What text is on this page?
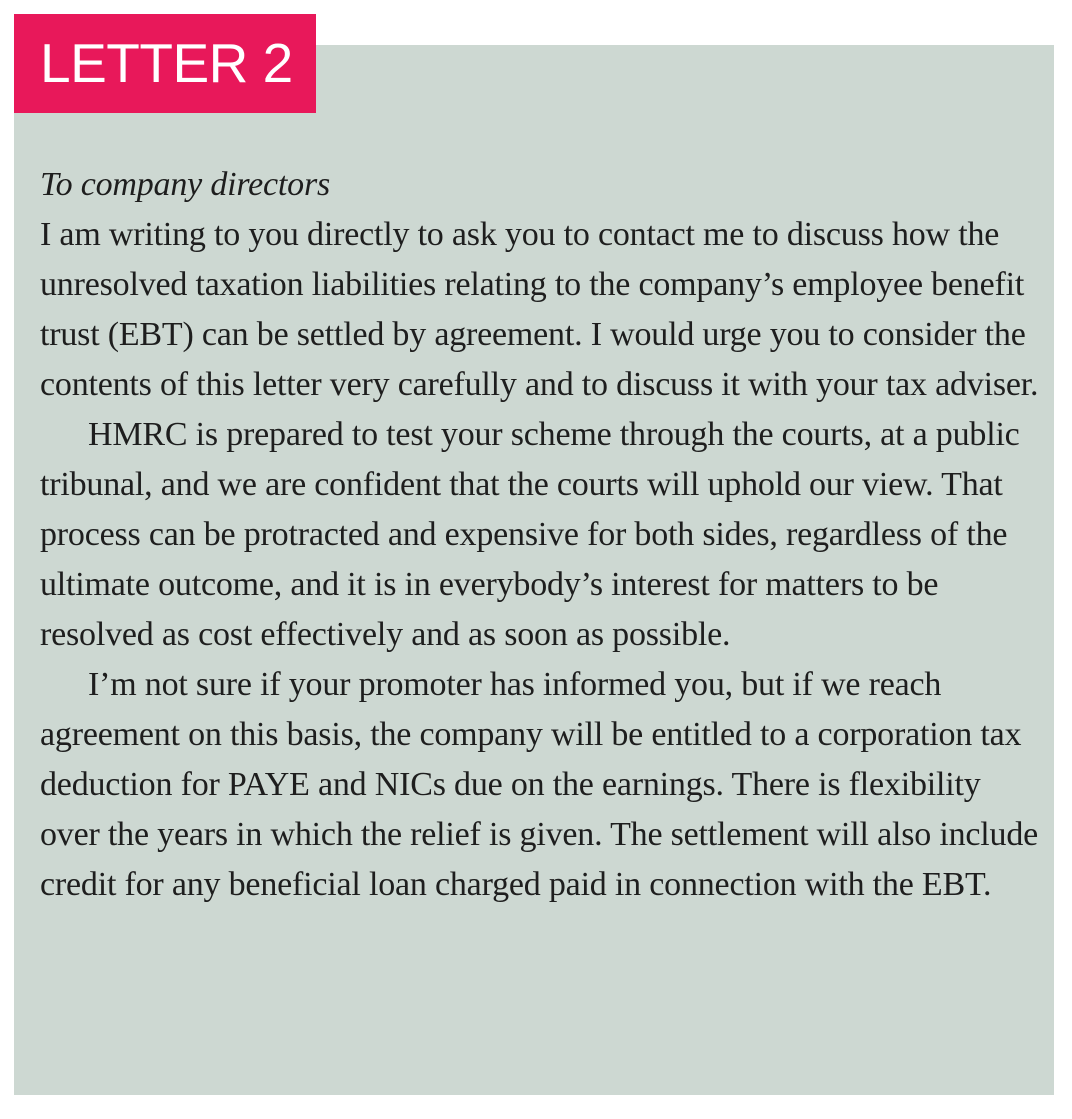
LETTER 2

To company directors

I am writing to you directly to ask you to contact me to discuss how the unresolved taxation liabilities relating to the company’s employee benefit trust (EBT) can be settled by agreement. I would urge you to consider the contents of this letter very carefully and to discuss it with your tax adviser.

HMRC is prepared to test your scheme through the courts, at a public tribunal, and we are confident that the courts will uphold our view. That process can be protracted and expensive for both sides, regardless of the ultimate outcome, and it is in everybody’s interest for matters to be resolved as cost effectively and as soon as possible.

I’m not sure if your promoter has informed you, but if we reach agreement on this basis, the company will be entitled to a corporation tax deduction for PAYE and NICs due on the earnings. There is flexibility over the years in which the relief is given. The settlement will also include credit for any beneficial loan charged paid in connection with the EBT.
